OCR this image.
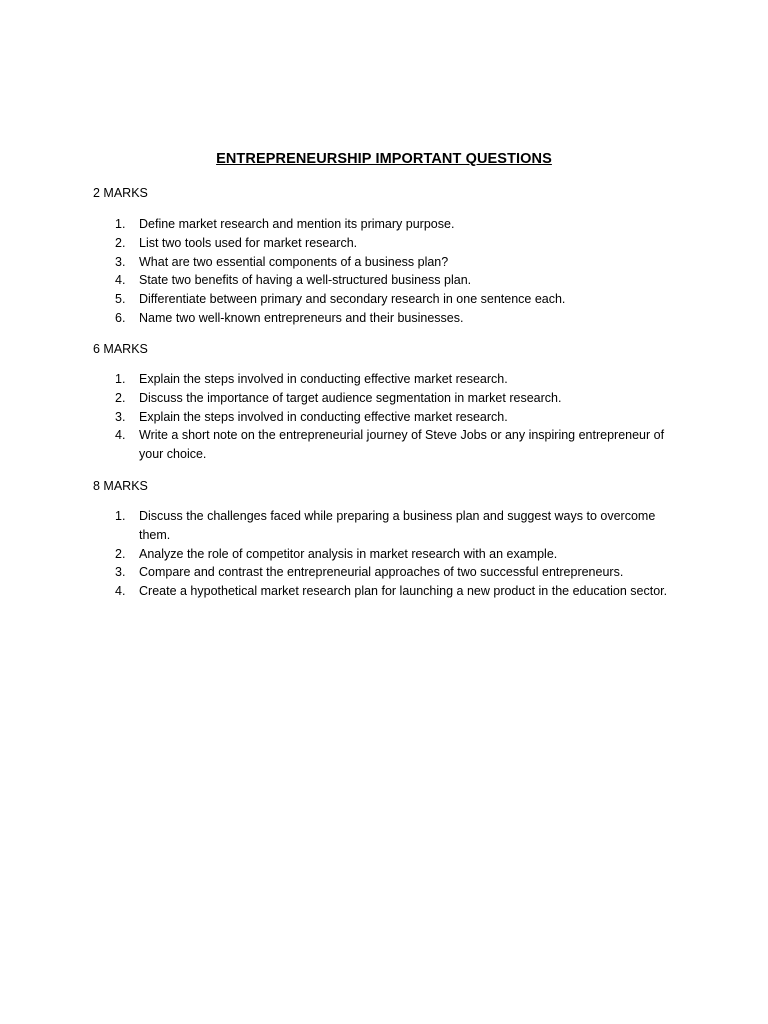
ENTREPRENEURSHIP IMPORTANT QUESTIONS
2 MARKS
1. Define market research and mention its primary purpose.
2. List two tools used for market research.
3. What are two essential components of a business plan?
4. State two benefits of having a well-structured business plan.
5. Differentiate between primary and secondary research in one sentence each.
6. Name two well-known entrepreneurs and their businesses.
6 MARKS
1. Explain the steps involved in conducting effective market research.
2. Discuss the importance of target audience segmentation in market research.
3. Explain the steps involved in conducting effective market research.
4. Write a short note on the entrepreneurial journey of Steve Jobs or any inspiring entrepreneur of your choice.
8 MARKS
1. Discuss the challenges faced while preparing a business plan and suggest ways to overcome them.
2. Analyze the role of competitor analysis in market research with an example.
3. Compare and contrast the entrepreneurial approaches of two successful entrepreneurs.
4. Create a hypothetical market research plan for launching a new product in the education sector.
